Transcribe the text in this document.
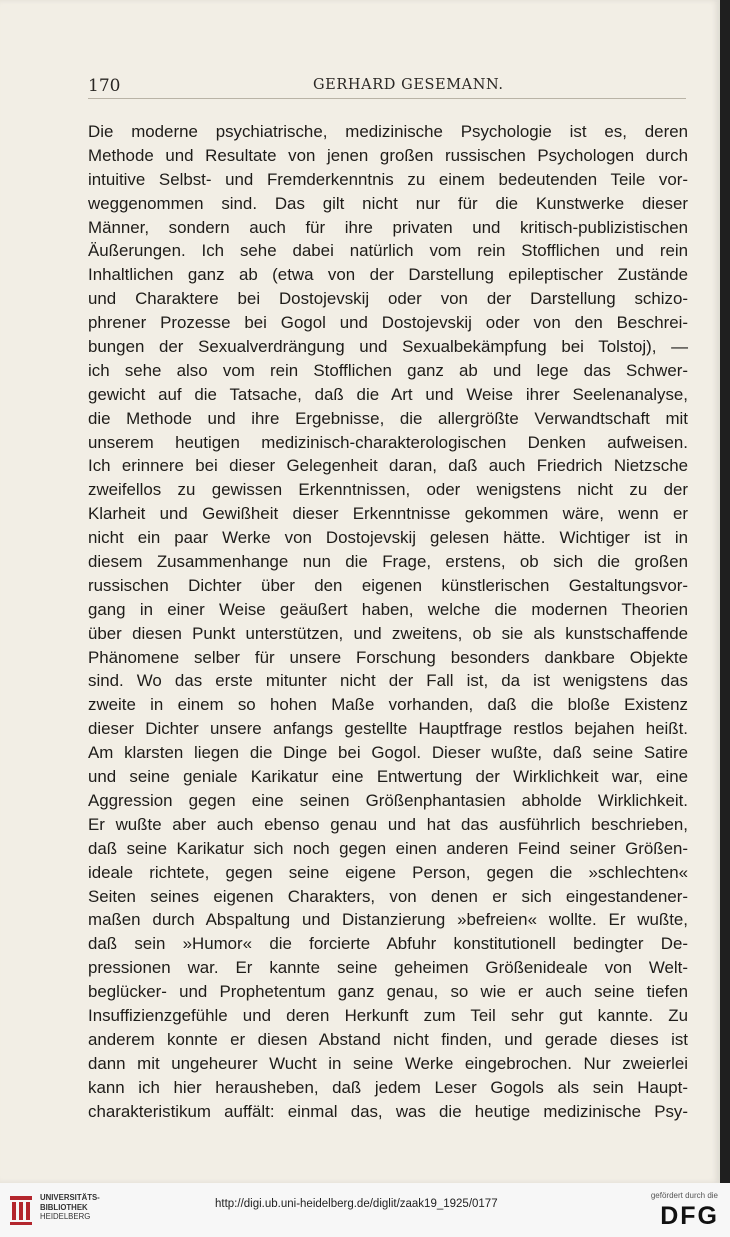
170	GERHARD GESEMANN.
Die moderne psychiatrische, medizinische Psychologie ist es, deren
Methode und Resultate von jenen großen russischen Psychologen durch
intuitive Selbst- und Fremderkenntnis zu einem bedeutenden Teile vor-
weggenommen sind. Das gilt nicht nur für die Kunstwerke dieser
Männer, sondern auch für ihre privaten und kritisch-publizistischen
Äußerungen. Ich sehe dabei natürlich vom rein Stofflichen und rein
Inhaltlichen ganz ab (etwa von der Darstellung epileptischer Zustände
und Charaktere bei Dostojevskij oder von der Darstellung schizo-
phrener Prozesse bei Gogol und Dostojevskij oder von den Beschrei-
bungen der Sexualverdrängung und Sexualbekämpfung bei Tolstoj), —
ich sehe also vom rein Stofflichen ganz ab und lege das Schwer-
gewicht auf die Tatsache, daß die Art und Weise ihrer Seelenanalyse,
die Methode und ihre Ergebnisse, die allergrößte Verwandtschaft mit
unserem heutigen medizinisch-charakterologischen Denken aufweisen.
Ich erinnere bei dieser Gelegenheit daran, daß auch Friedrich Nietzsche
zweifellos zu gewissen Erkenntnissen, oder wenigstens nicht zu der
Klarheit und Gewißheit dieser Erkenntnisse gekommen wäre, wenn er
nicht ein paar Werke von Dostojevskij gelesen hätte. Wichtiger ist in
diesem Zusammenhange nun die Frage, erstens, ob sich die großen
russischen Dichter über den eigenen künstlerischen Gestaltungsvor-
gang in einer Weise geäußert haben, welche die modernen Theorien
über diesen Punkt unterstützen, und zweitens, ob sie als kunstschaffende
Phänomene selber für unsere Forschung besonders dankbare Objekte
sind. Wo das erste mitunter nicht der Fall ist, da ist wenigstens das
zweite in einem so hohen Maße vorhanden, daß die bloße Existenz
dieser Dichter unsere anfangs gestellte Hauptfrage restlos bejahen heißt.
Am klarsten liegen die Dinge bei Gogol. Dieser wußte, daß seine Satire
und seine geniale Karikatur eine Entwertung der Wirklichkeit war, eine
Aggression gegen eine seinen Größenphantasien abholde Wirklichkeit.
Er wußte aber auch ebenso genau und hat das ausführlich beschrieben,
daß seine Karikatur sich noch gegen einen anderen Feind seiner Größen-
ideale richtete, gegen seine eigene Person, gegen die »schlechten«
Seiten seines eigenen Charakters, von denen er sich eingestandener-
maßen durch Abspaltung und Distanzierung »befreien« wollte. Er wußte,
daß sein »Humor« die forcierte Abfuhr konstitutionell bedingter De-
pressionen war. Er kannte seine geheimen Größenideale von Welt-
beglücker- und Prophetentum ganz genau, so wie er auch seine tiefen
Insuffizienzgefühle und deren Herkunft zum Teil sehr gut kannte. Zu
anderem konnte er diesen Abstand nicht finden, und gerade dieses ist
dann mit ungeheurer Wucht in seine Werke eingebrochen. Nur zweierlei
kann ich hier herausheben, daß jedem Leser Gogols als sein Haupt-
charakteristikum auffält: einmal das, was die heutige medizinische Psy-
UNIVERSITÄTS-
BIBLIOTHEK
HEIDELBERG
http://digi.ub.uni-heidelberg.de/diglit/zaak19_1925/0177
gefördert durch die
DFG
